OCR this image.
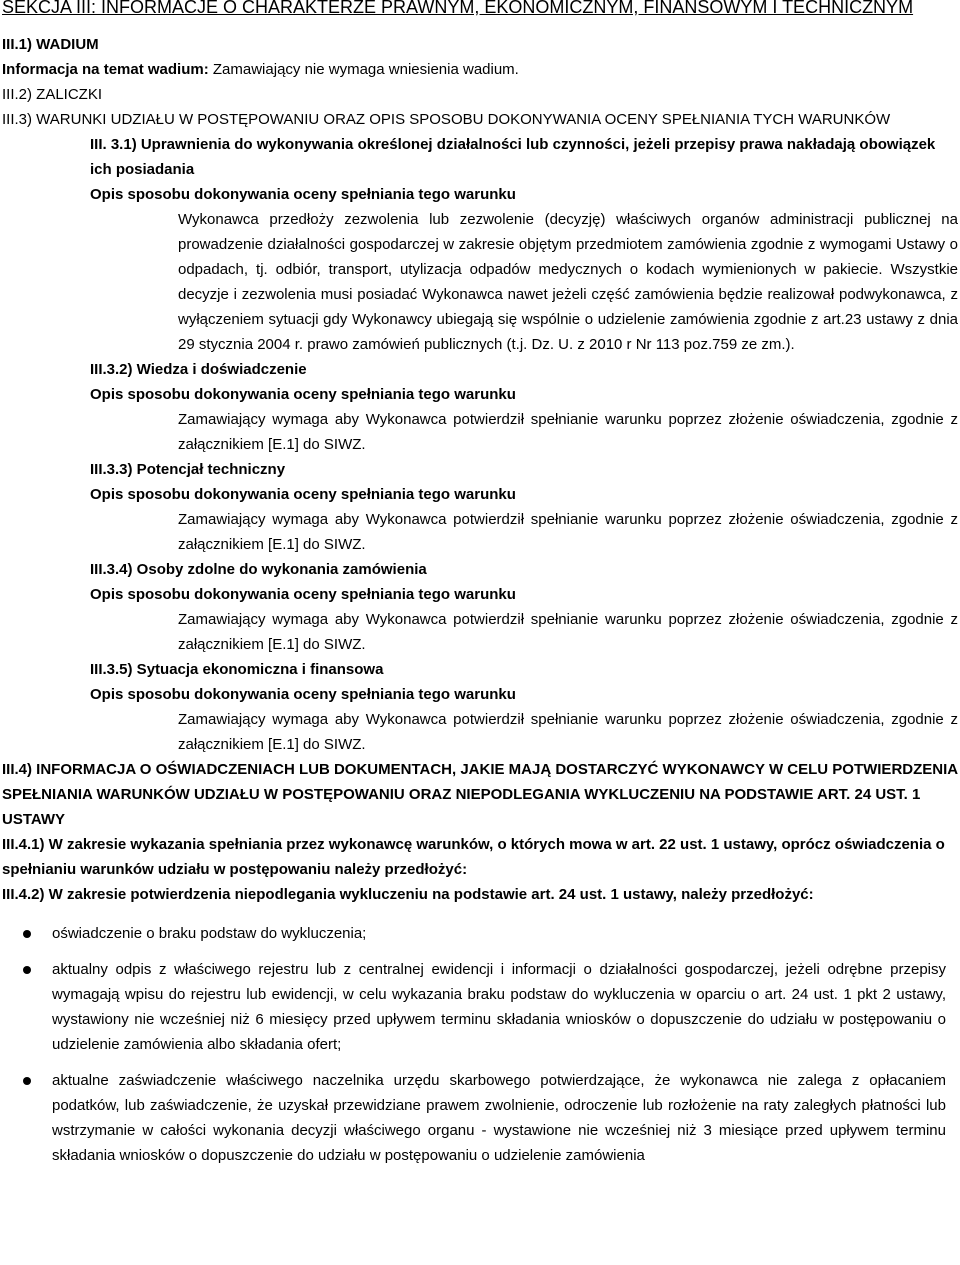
SEKCJA III: INFORMACJE O CHARAKTERZE PRAWNYM, EKONOMICZNYM, FINANSOWYM I TECHNICZNYM

III.1) WADIUM

Informacja na temat wadium: Zamawiający nie wymaga wniesienia wadium.

III.2) ZALICZKI

III.3) WARUNKI UDZIAŁU W POSTĘPOWANIU ORAZ OPIS SPOSOBU DOKONYWANIA OCENY SPEŁNIANIA TYCH WARUNKÓW

III. 3.1) Uprawnienia do wykonywania określonej działalności lub czynności, jeżeli przepisy prawa nakładają obowiązek ich posiadania

Opis sposobu dokonywania oceny spełniania tego warunku

Wykonawca przedłoży zezwolenia lub zezwolenie (decyzję) właściwych organów administracji publicznej na prowadzenie działalności gospodarczej w zakresie objętym przedmiotem zamówienia zgodnie z wymogami Ustawy o odpadach, tj. odbiór, transport, utylizacja odpadów medycznych o kodach wymienionych w pakiecie. Wszystkie decyzje i zezwolenia musi posiadać Wykonawca nawet jeżeli część zamówienia będzie realizował podwykonawca, z wyłączeniem sytuacji gdy Wykonawcy ubiegają się wspólnie o udzielenie zamówienia zgodnie z art.23 ustawy z dnia 29 stycznia 2004 r. prawo zamówień publicznych (t.j. Dz. U. z 2010 r Nr 113 poz.759 ze zm.).

III.3.2) Wiedza i doświadczenie

Opis sposobu dokonywania oceny spełniania tego warunku

Zamawiający wymaga aby Wykonawca potwierdził spełnianie warunku poprzez złożenie oświadczenia, zgodnie z załącznikiem [E.1] do SIWZ.

III.3.3) Potencjał techniczny

Opis sposobu dokonywania oceny spełniania tego warunku

Zamawiający wymaga aby Wykonawca potwierdził spełnianie warunku poprzez złożenie oświadczenia, zgodnie z załącznikiem [E.1] do SIWZ.

III.3.4) Osoby zdolne do wykonania zamówienia

Opis sposobu dokonywania oceny spełniania tego warunku

Zamawiający wymaga aby Wykonawca potwierdził spełnianie warunku poprzez złożenie oświadczenia, zgodnie z załącznikiem [E.1] do SIWZ.

III.3.5) Sytuacja ekonomiczna i finansowa

Opis sposobu dokonywania oceny spełniania tego warunku

Zamawiający wymaga aby Wykonawca potwierdził spełnianie warunku poprzez złożenie oświadczenia, zgodnie z załącznikiem [E.1] do SIWZ.

III.4) INFORMACJA O OŚWIADCZENIACH LUB DOKUMENTACH, JAKIE MAJĄ DOSTARCZYĆ WYKONAWCY W CELU POTWIERDZENIA SPEŁNIANIA WARUNKÓW UDZIAŁU W POSTĘPOWANIU ORAZ NIEPODLEGANIA WYKLUCZENIU NA PODSTAWIE ART. 24 UST. 1 USTAWY

III.4.1) W zakresie wykazania spełniania przez wykonawcę warunków, o których mowa w art. 22 ust. 1 ustawy, oprócz oświadczenia o spełnianiu warunków udziału w postępowaniu należy przedłożyć:

III.4.2) W zakresie potwierdzenia niepodlegania wykluczeniu na podstawie art. 24 ust. 1 ustawy, należy przedłożyć:

oświadczenie o braku podstaw do wykluczenia;
aktualny odpis z właściwego rejestru lub z centralnej ewidencji i informacji o działalności gospodarczej, jeżeli odrębne przepisy wymagają wpisu do rejestru lub ewidencji, w celu wykazania braku podstaw do wykluczenia w oparciu o art. 24 ust. 1 pkt 2 ustawy, wystawiony nie wcześniej niż 6 miesięcy przed upływem terminu składania wniosków o dopuszczenie do udziału w postępowaniu o udzielenie zamówienia albo składania ofert;
aktualne zaświadczenie właściwego naczelnika urzędu skarbowego potwierdzające, że wykonawca nie zalega z opłacaniem podatków, lub zaświadczenie, że uzyskał przewidziane prawem zwolnienie, odroczenie lub rozłożenie na raty zaległych płatności lub wstrzymanie w całości wykonania decyzji właściwego organu - wystawione nie wcześniej niż 3 miesiące przed upływem terminu składania wniosków o dopuszczenie do udziału w postępowaniu o udzielenie zamówienia
